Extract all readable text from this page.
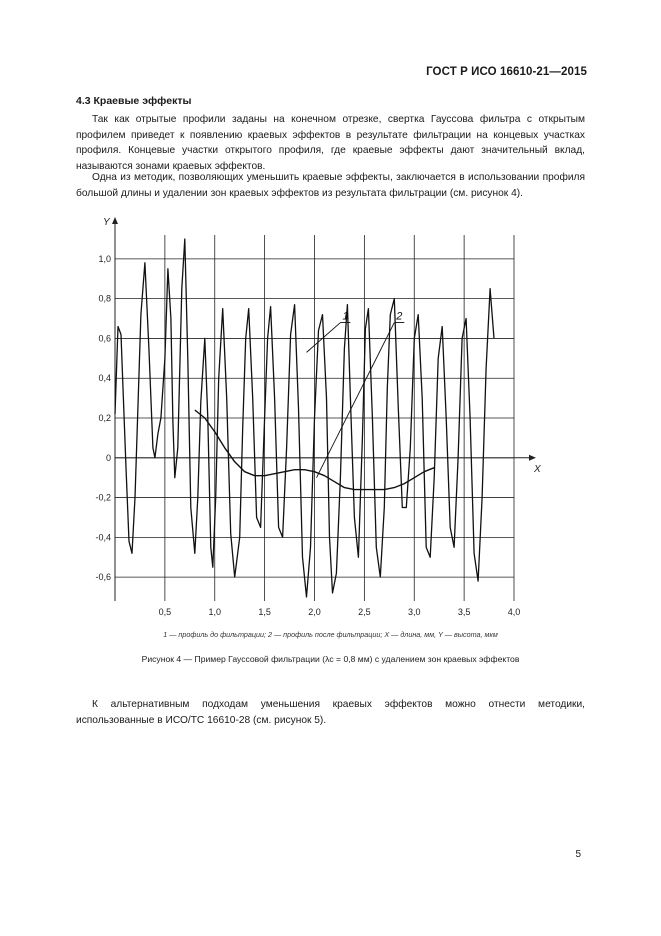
ГОСТ Р ИСО 16610-21—2015
4.3 Краевые эффекты

Так как отрытые профили заданы на конечном отрезке, свертка Гауссова фильтра с открытым профилем приведет к появлению краевых эффектов в результате фильтрации на концевых участках профиля. Концевые участки открытого профиля, где краевые эффекты дают значительный вклад, называются зонами краевых эффектов.

Одна из методик, позволяющих уменьшить краевые эффекты, заключается в использовании профиля большой длины и удалении зон краевых эффектов из результата фильтрации (см. рисунок 4).

0,5	1,0	1,5	2,0	2,5	3,0	3,5	4,0
1,0
0,8
0,6
0,4
0,2
0
-0,2
-0,4
-0,6
X
Y
1	2
1 — профиль до фильтрации; 2 — профиль после фильтрации; X — длина, мм, Y — высота, мкм
Рисунок 4 — Пример Гауссовой фильтрации (λc = 0,8 мм) с удалением зон краевых эффектов

К альтернативным подходам уменьшения краевых эффектов можно отнести методики, использованные в ИСО/ТС 16610-28 (см. рисунок 5).

5
